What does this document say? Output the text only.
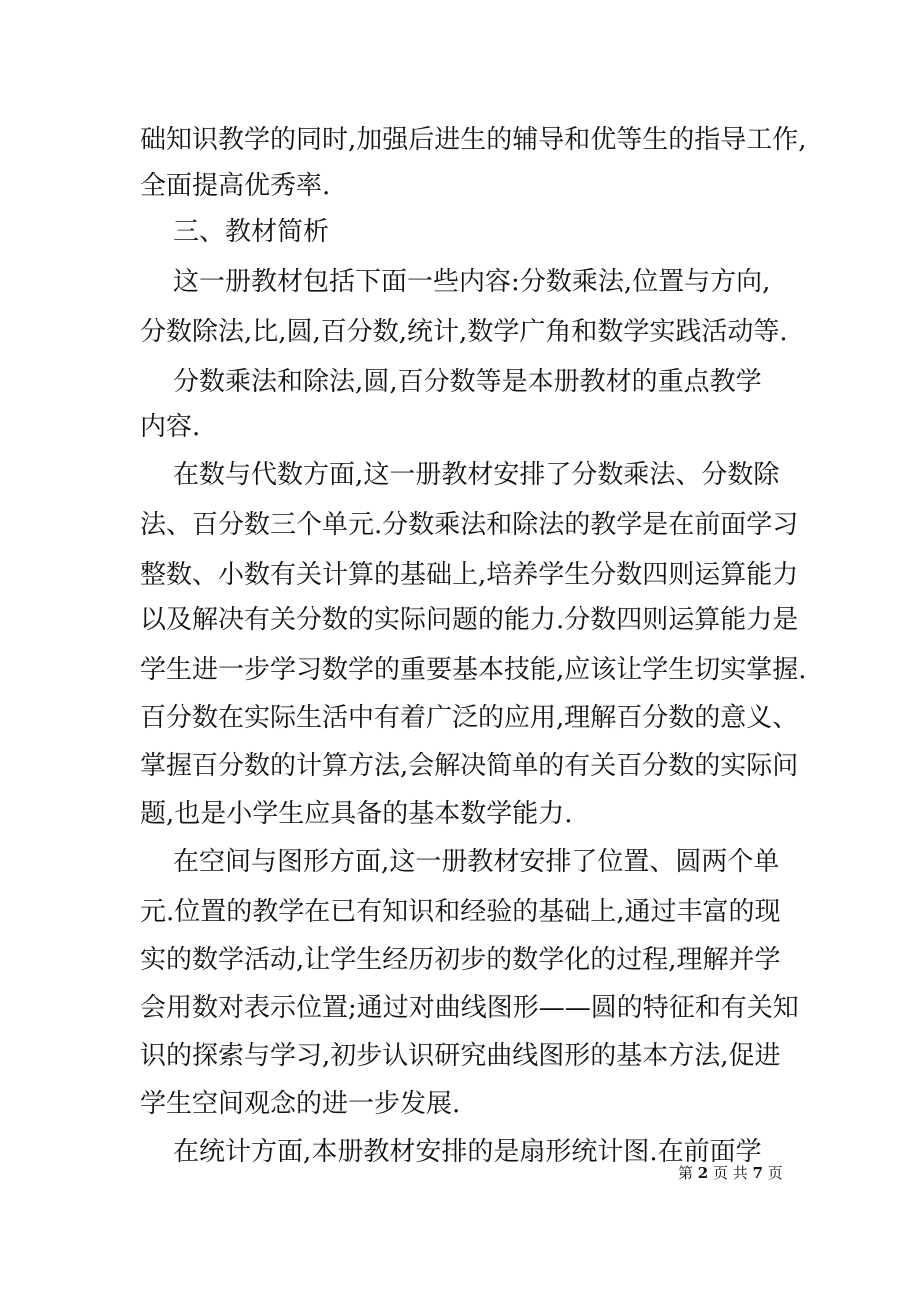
础知识教学的同时,加强后进生的辅导和优等生的指导工作,
全面提高优秀率.
三、教材简析
这一册教材包括下面一些内容:分数乘法,位置与方向,
分数除法,比,圆,百分数,统计,数学广角和数学实践活动等.
分数乘法和除法,圆,百分数等是本册教材的重点教学
内容.
在数与代数方面,这一册教材安排了分数乘法、分数除
法、百分数三个单元.分数乘法和除法的教学是在前面学习
整数、小数有关计算的基础上,培养学生分数四则运算能力
以及解决有关分数的实际问题的能力.分数四则运算能力是
学生进一步学习数学的重要基本技能,应该让学生切实掌握.
百分数在实际生活中有着广泛的应用,理解百分数的意义、
掌握百分数的计算方法,会解决简单的有关百分数的实际问
题,也是小学生应具备的基本数学能力.
在空间与图形方面,这一册教材安排了位置、圆两个单
元.位置的教学在已有知识和经验的基础上,通过丰富的现
实的数学活动,让学生经历初步的数学化的过程,理解并学
会用数对表示位置;通过对曲线图形——圆的特征和有关知
识的探索与学习,初步认识研究曲线图形的基本方法,促进
学生空间观念的进一步发展.
在统计方面,本册教材安排的是扇形统计图.在前面学
第 2 页 共 7 页
